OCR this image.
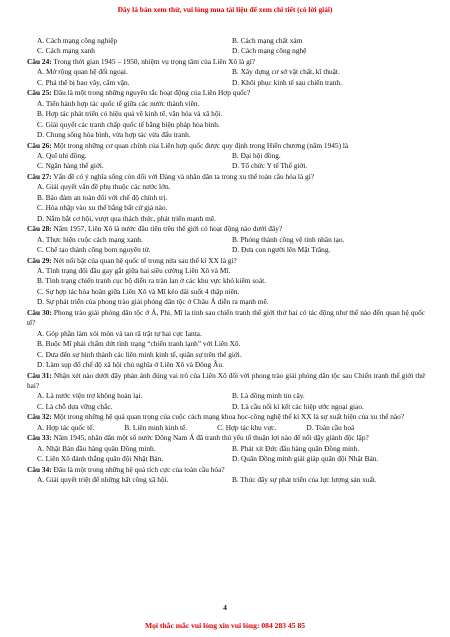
Đây là bản xem thử, vui lòng mua tài liệu để xem chi tiết (có lời giải)
A. Cách mạng công nghiệp	B. Cách mạng chất xám
C. Cách mạng xanh	D. Cách mạng công nghệ
Câu 24: Trong thời gian 1945 – 1950, nhiệm vụ trọng tâm của Liên Xô là gì?
A. Mở rộng quan hệ đối ngoại.	B. Xây dựng cơ sở vật chất, kĩ thuật.
C. Phá thế bị bao vây, cấm vận.	D. Khôi phục kinh tế sau chiến tranh.
Câu 25: Đâu là một trong những nguyên tắc hoạt động của Liên Hợp quốc?
A. Tiến hành hợp tác quốc tế giữa các nước thành viên.
B. Hợp tác phát triển có hiệu quả về kinh tế, văn hóa và xã hội.
C. Giải quyết các tranh chấp quốc tế bằng biện pháp hòa bình.
D. Chung sống hòa bình, vừa hợp tác vừa đấu tranh.
Câu 26: Một trong những cơ quan chính của Liên hợp quốc được quy định trong Hiến chương (năm 1945) là
A. Quĩ nhi đồng.	B. Đại hội đồng.
C. Ngân hàng thế giới.	D. Tổ chức Y tế Thế giới.
Câu 27: Vấn đề có ý nghĩa sống còn đối với Đảng và nhân dân ta trong xu thế toàn cầu hóa là gì?
A. Giải quyết vấn đề phụ thuộc các nước lớn.
B. Bảo đảm an toàn đối với chế độ chính trị.
C. Hòa nhập vào xu thế bằng bất cứ giá nào.
D. Nắm bắt cơ hội, vượt qua thách thức, phát triển mạnh mẽ.
Câu 28: Năm 1957, Liên Xô là nước đầu tiên trên thế giới có hoạt động nào dưới đây?
A. Thực hiện cuộc cách mạng xanh.	B. Phóng thành công vệ tinh nhân tạo.
C. Chế tạo thành công bom nguyên tử.	D. Đưa con người lên Mặt Trăng.
Câu 29: Nét nổi bật của quan hệ quốc tế trong nửa sau thế kỉ XX là gì?
A. Tình trạng đối đầu gay gắt giữa hai siêu cường Liên Xô và Mĩ.
B. Tình trạng chiến tranh cục bộ diễn ra tràn lan ở các khu vực khó kiểm soát.
C. Sự hợp tác hòa hoãn giữa Liên Xô và Mĩ kéo dài suốt 4 thập niên.
D. Sự phát triển của phong trào giải phóng dân tộc ở Châu Á diễn ra mạnh mẽ.
Câu 30: Phong trào giải phóng dân tộc ở Á, Phi, Mĩ la tinh sau chiến tranh thế giới thứ hai có tác động như thế nào đến quan hệ quốc tế?
A. Góp phần làm xói mòn và tan rã trật tự hai cực Ianta.
B. Buộc Mĩ phải chấm dứt tình trạng “chiến tranh lạnh” với Liên Xô.
C. Đưa đến sự hình thành các liên minh kinh tế, quân sự trên thế giới.
D. Làm sụp đổ chế độ xã hội chủ nghĩa ở Liên Xô và Đông Âu.
Câu 31: Nhận xét nào dưới đây phản ánh đúng vai trò của Liên Xô đối với phong trào giải phóng dân tộc sau Chiến tranh thế giới thứ hai?
A. Là nước viện trợ không hoàn lại.	B. Là đồng minh tin cậy.
C. Là chỗ dựa vững chắc.	D. Là cầu nối kí kết các hiệp ước ngoại giao.
Câu 32: Một trong những hệ quả quan trọng của cuộc cách mạng khoa học-công nghệ thế kỉ XX là sự xuất hiện của xu thế nào?
A. Hợp tác quốc tế.	B. Liên minh kinh tế.	C. Hợp tác khu vực.	D. Toàn cầu hoá
Câu 33: Năm 1945, nhân dân một số nước Đông Nam Á đã tranh thủ yếu tố thuận lợi nào để nổi dậy giành độc lập?
A. Nhật Bản đầu hàng quân Đồng minh.	B. Phát xít Đức đầu hàng quân Đồng minh.
C. Liên Xô đánh thắng quân đội Nhật Bản.	D. Quân Đồng minh giải giáp quân đội Nhật Bản.
Câu 34: Đâu là một trong những hệ quả tích cực của toàn cầu hóa?
A. Giải quyết triệt để những bất công xã hội.	B. Thúc đẩy sự phát triển của lực lượng sản xuất.
4
Mọi thắc mắc vui lòng xin vui lòng: 084 283 45 85
